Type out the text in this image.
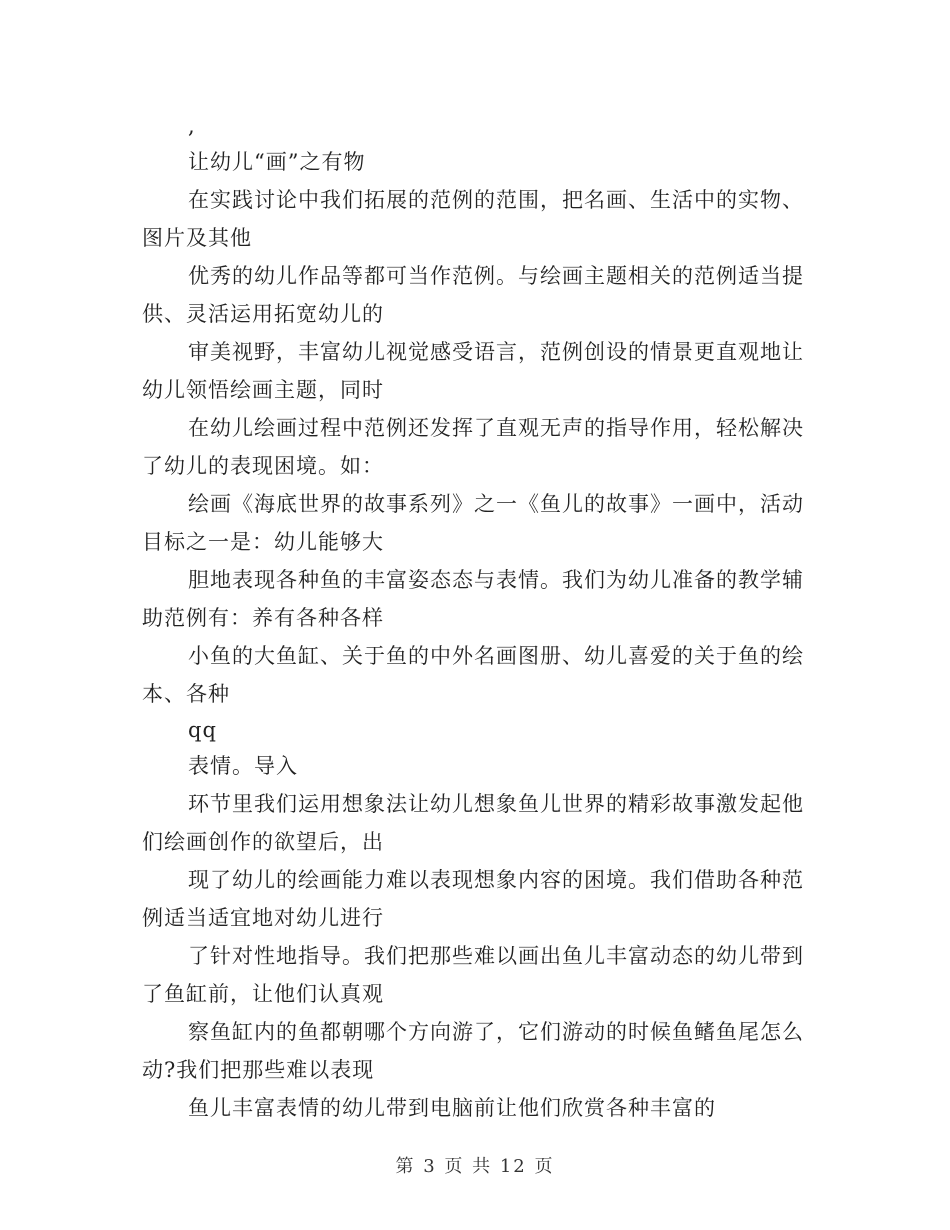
,
让幼儿“画”之有物
在实践讨论中我们拓展的范例的范围，把名画、生活中的实物、
图片及其他
优秀的幼儿作品等都可当作范例。与绘画主题相关的范例适当提
供、灵活运用拓宽幼儿的
审美视野，丰富幼儿视觉感受语言，范例创设的情景更直观地让
幼儿领悟绘画主题，同时
在幼儿绘画过程中范例还发挥了直观无声的指导作用，轻松解决
了幼儿的表现困境。如：
绘画《海底世界的故事系列》之一《鱼儿的故事》一画中，活动
目标之一是：幼儿能够大
胆地表现各种鱼的丰富姿态态与表情。我们为幼儿准备的教学辅
助范例有：养有各种各样
小鱼的大鱼缸、关于鱼的中外名画图册、幼儿喜爱的关于鱼的绘
本、各种
qq
表情。导入
环节里我们运用想象法让幼儿想象鱼儿世界的精彩故事激发起他
们绘画创作的欲望后，出
现了幼儿的绘画能力难以表现想象内容的困境。我们借助各种范
例适当适宜地对幼儿进行
了针对性地指导。我们把那些难以画出鱼儿丰富动态的幼儿带到
了鱼缸前，让他们认真观
察鱼缸内的鱼都朝哪个方向游了，它们游动的时候鱼鳍鱼尾怎么
动?我们把那些难以表现
鱼儿丰富表情的幼儿带到电脑前让他们欣赏各种丰富的
第 3 页 共 12 页
